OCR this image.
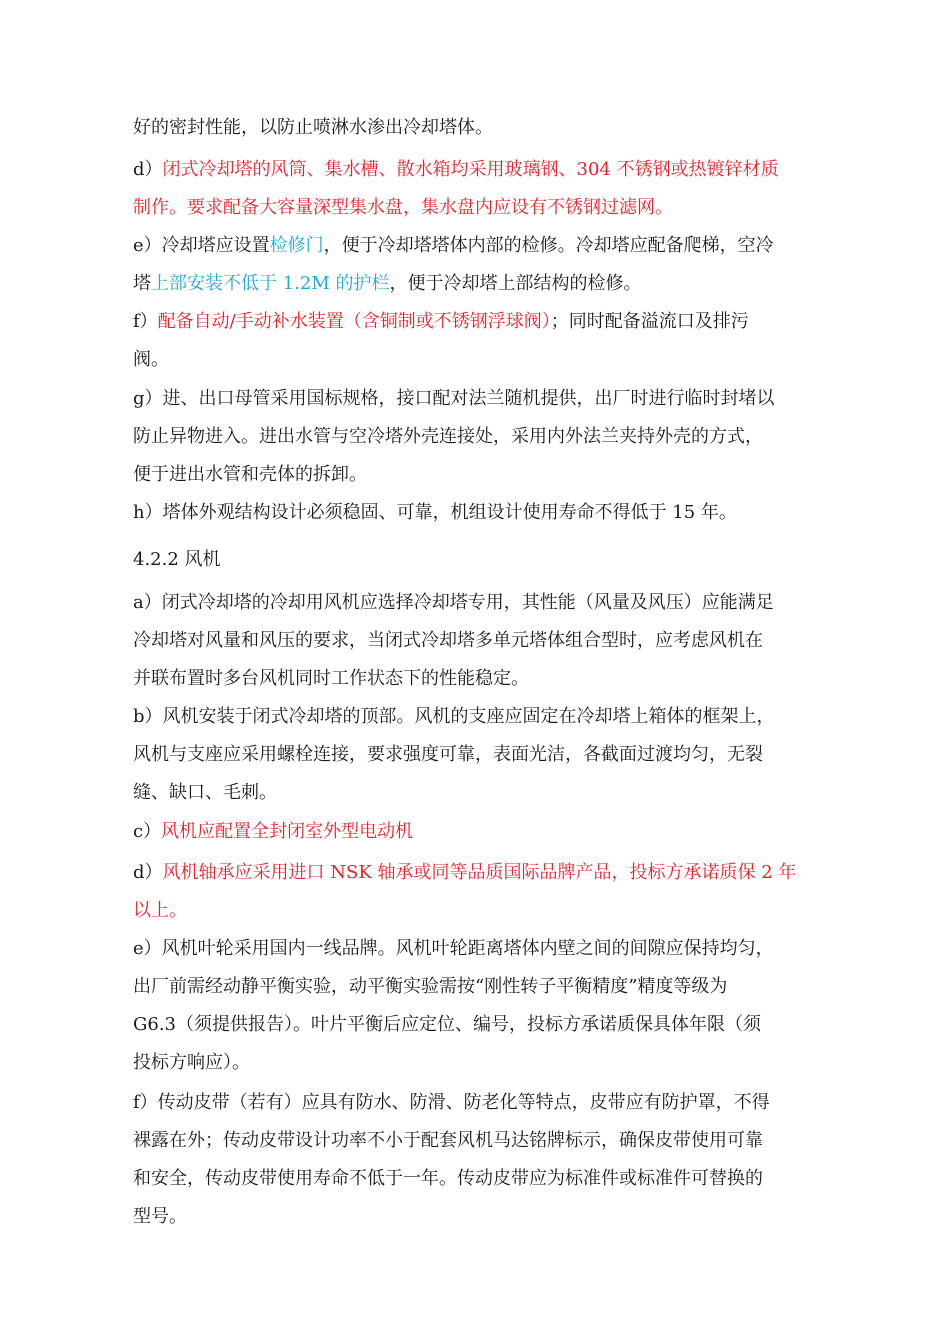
好的密封性能，以防止喷淋水渗出冷却塔体。
d）闭式冷却塔的风筒、集水槽、散水箱均采用玻璃钢、304 不锈钢或热镀锌材质
制作。要求配备大容量深型集水盘，集水盘内应设有不锈钢过滤网。
e）冷却塔应设置检修门，便于冷却塔塔体内部的检修。冷却塔应配备爬梯，空冷
塔上部安装不低于 1.2M 的护栏，便于冷却塔上部结构的检修。
f）配备自动/手动补水装置（含铜制或不锈钢浮球阀）；同时配备溢流口及排污
阀。
g）进、出口母管采用国标规格，接口配对法兰随机提供，出厂时进行临时封堵以
防止异物进入。进出水管与空冷塔外壳连接处，采用内外法兰夹持外壳的方式，
便于进出水管和壳体的拆卸。
h）塔体外观结构设计必须稳固、可靠，机组设计使用寿命不得低于 15 年。
4.2.2 风机
a）闭式冷却塔的冷却用风机应选择冷却塔专用，其性能（风量及风压）应能满足
冷却塔对风量和风压的要求，当闭式冷却塔多单元塔体组合型时，应考虑风机在
并联布置时多台风机同时工作状态下的性能稳定。
b）风机安装于闭式冷却塔的顶部。风机的支座应固定在冷却塔上箱体的框架上，
风机与支座应采用螺栓连接，要求强度可靠，表面光洁，各截面过渡均匀，无裂
缝、缺口、毛刺。
c）风机应配置全封闭室外型电动机
d）风机轴承应采用进口 NSK 轴承或同等品质国际品牌产品，投标方承诺质保 2 年
以上。
e）风机叶轮采用国内一线品牌。风机叶轮距离塔体内壁之间的间隙应保持均匀，
出厂前需经动静平衡实验，动平衡实验需按“刚性转子平衡精度”精度等级为
G6.3（须提供报告）。叶片平衡后应定位、编号，投标方承诺质保具体年限（须
投标方响应）。
f）传动皮带（若有）应具有防水、防滑、防老化等特点，皮带应有防护罩，不得
裸露在外；传动皮带设计功率不小于配套风机马达铭牌标示，确保皮带使用可靠
和安全，传动皮带使用寿命不低于一年。传动皮带应为标准件或标准件可替换的
型号。
